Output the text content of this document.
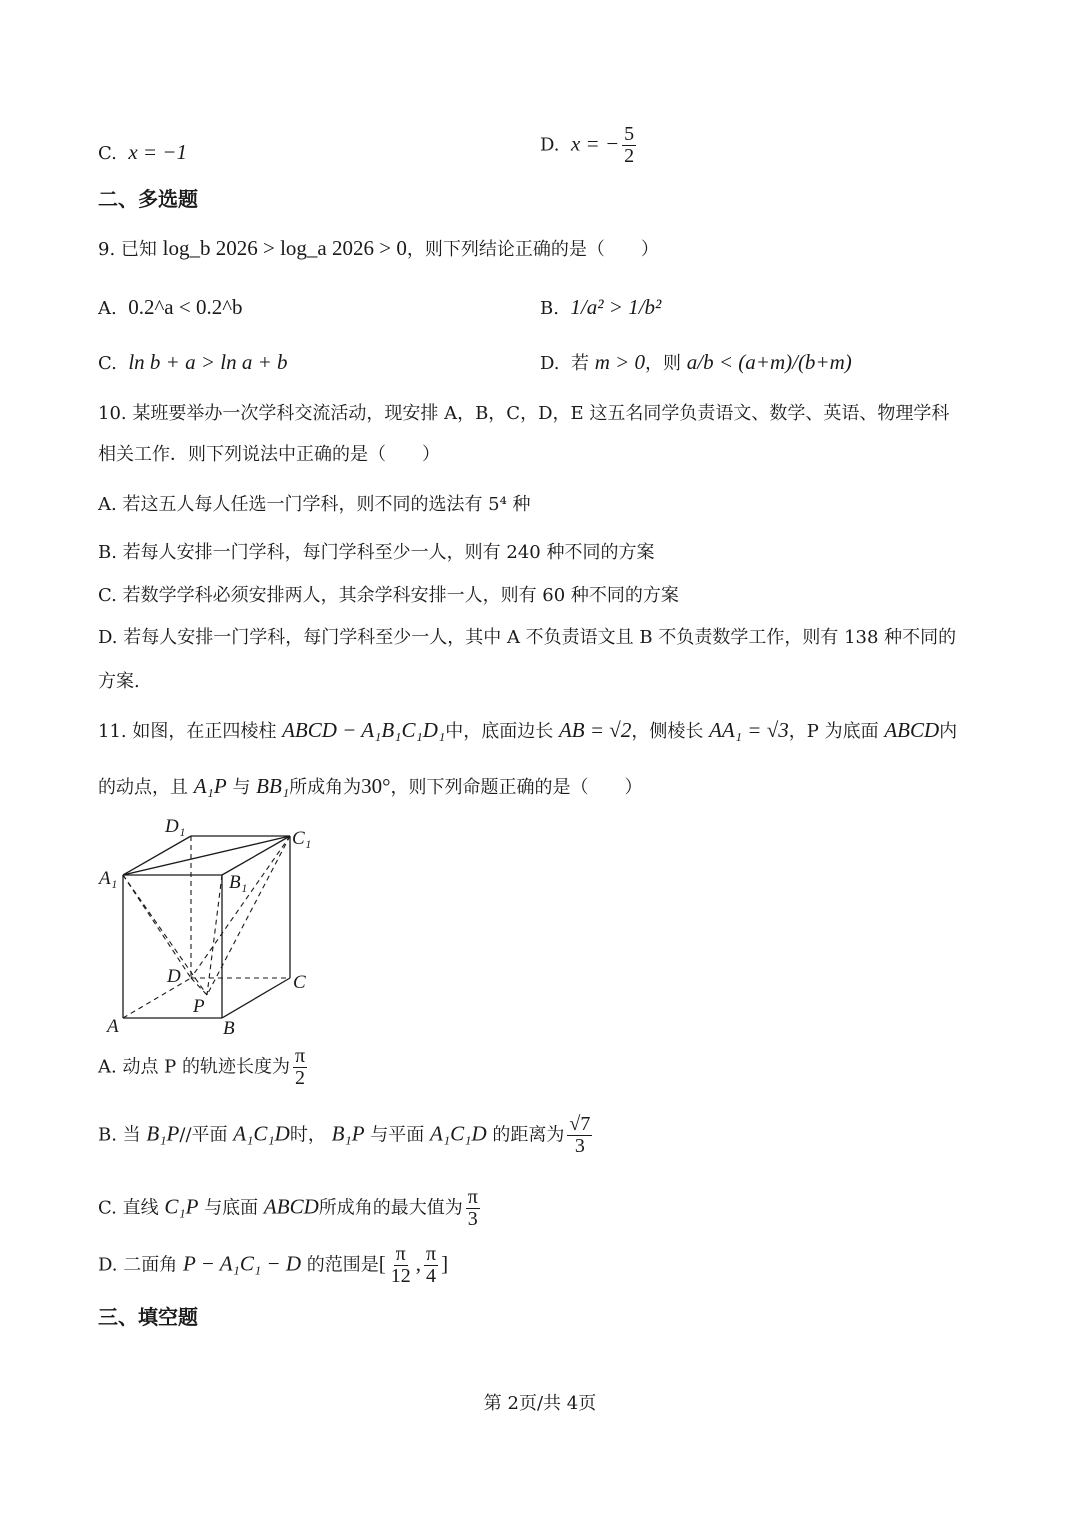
C. x = −1	D. x = − $\frac{5}{2}$
二、多选题
9. 已知 log_b 2026 > log_a 2026 > 0，则下列结论正确的是（　　）
A. 0.2^a < 0.2^b	B. 1/a² > 1/b²
C. ln b + a > ln a + b	D. 若 m > 0，则 a/b < (a+m)/(b+m)
10. 某班要举办一次学科交流活动，现安排 A，B，C，D，E 这五名同学负责语文、数学、英语、物理学科
相关工作．则下列说法中正确的是（　　）
A. 若这五人每人任选一门学科，则不同的选法有 5⁴ 种
B. 若每人安排一门学科，每门学科至少一人，则有 240 种不同的方案
C. 若数学学科必须安排两人，其余学科安排一人，则有 60 种不同的方案
D. 若每人安排一门学科，每门学科至少一人，其中 A 不负责语文且 B 不负责数学工作，则有 138 种不同的
方案.
11. 如图，在正四棱柱 ABCD − A₁B₁C₁D₁中，底面边长 AB = √2，侧棱长 AA₁ = √3，P 为底面 ABCD内
的动点，且 A₁P 与 BB₁所成角为30°，则下列命题正确的是（　　）
D₁
C₁
A₁	B₁
D	C
P
A	B
A. 动点 P 的轨迹长度为 $\frac{\pi}{2}$
B. 当 B₁P//平面 A₁C₁D时， B₁P 与平面 A₁C₁D 的距离为 $\frac{√7}{3}$
C. 直线 C₁P 与底面 ABCD所成角的最大值为 $\frac{\pi}{3}$
D. 二面角 P − A₁C₁ − D 的范围是[ $\frac{\pi}{12}$ , $\frac{\pi}{4}$ ]
三、填空题
第 2页/共 4页
